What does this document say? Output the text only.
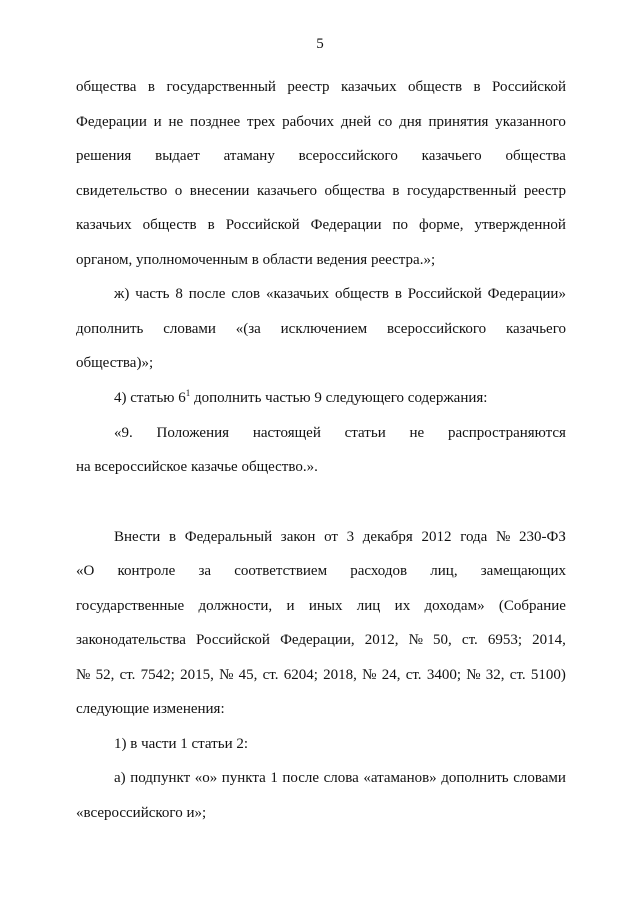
5
общества в государственный реестр казачьих обществ в Российской
Федерации и не позднее трех рабочих дней со дня принятия указанного
решения выдает атаману всероссийского казачьего общества
свидетельство о внесении казачьего общества в государственный реестр
казачьих обществ в Российской Федерации по форме, утвержденной
органом, уполномоченным в области ведения реестра.»;
ж) часть 8 после слов «казачьих обществ в Российской Федерации»
дополнить словами «(за исключением всероссийского казачьего
общества)»;
4) статью $6^1$ дополнить частью 9 следующего содержания:
«9. Положения настоящей статьи не распространяются
на всероссийское казачье общество.».
Внести в Федеральный закон от 3 декабря 2012 года № 230-ФЗ
«О контроле за соответствием расходов лиц, замещающих
государственные должности, и иных лиц их доходам» (Собрание
законодательства Российской Федерации, 2012, № 50, ст. 6953; 2014,
№ 52, ст. 7542; 2015, № 45, ст. 6204; 2018, № 24, ст. 3400; № 32, ст. 5100)
следующие изменения:
1) в части 1 статьи 2:
а) подпункт «о» пункта 1 после слова «атаманов» дополнить словами
«всероссийского и»;
